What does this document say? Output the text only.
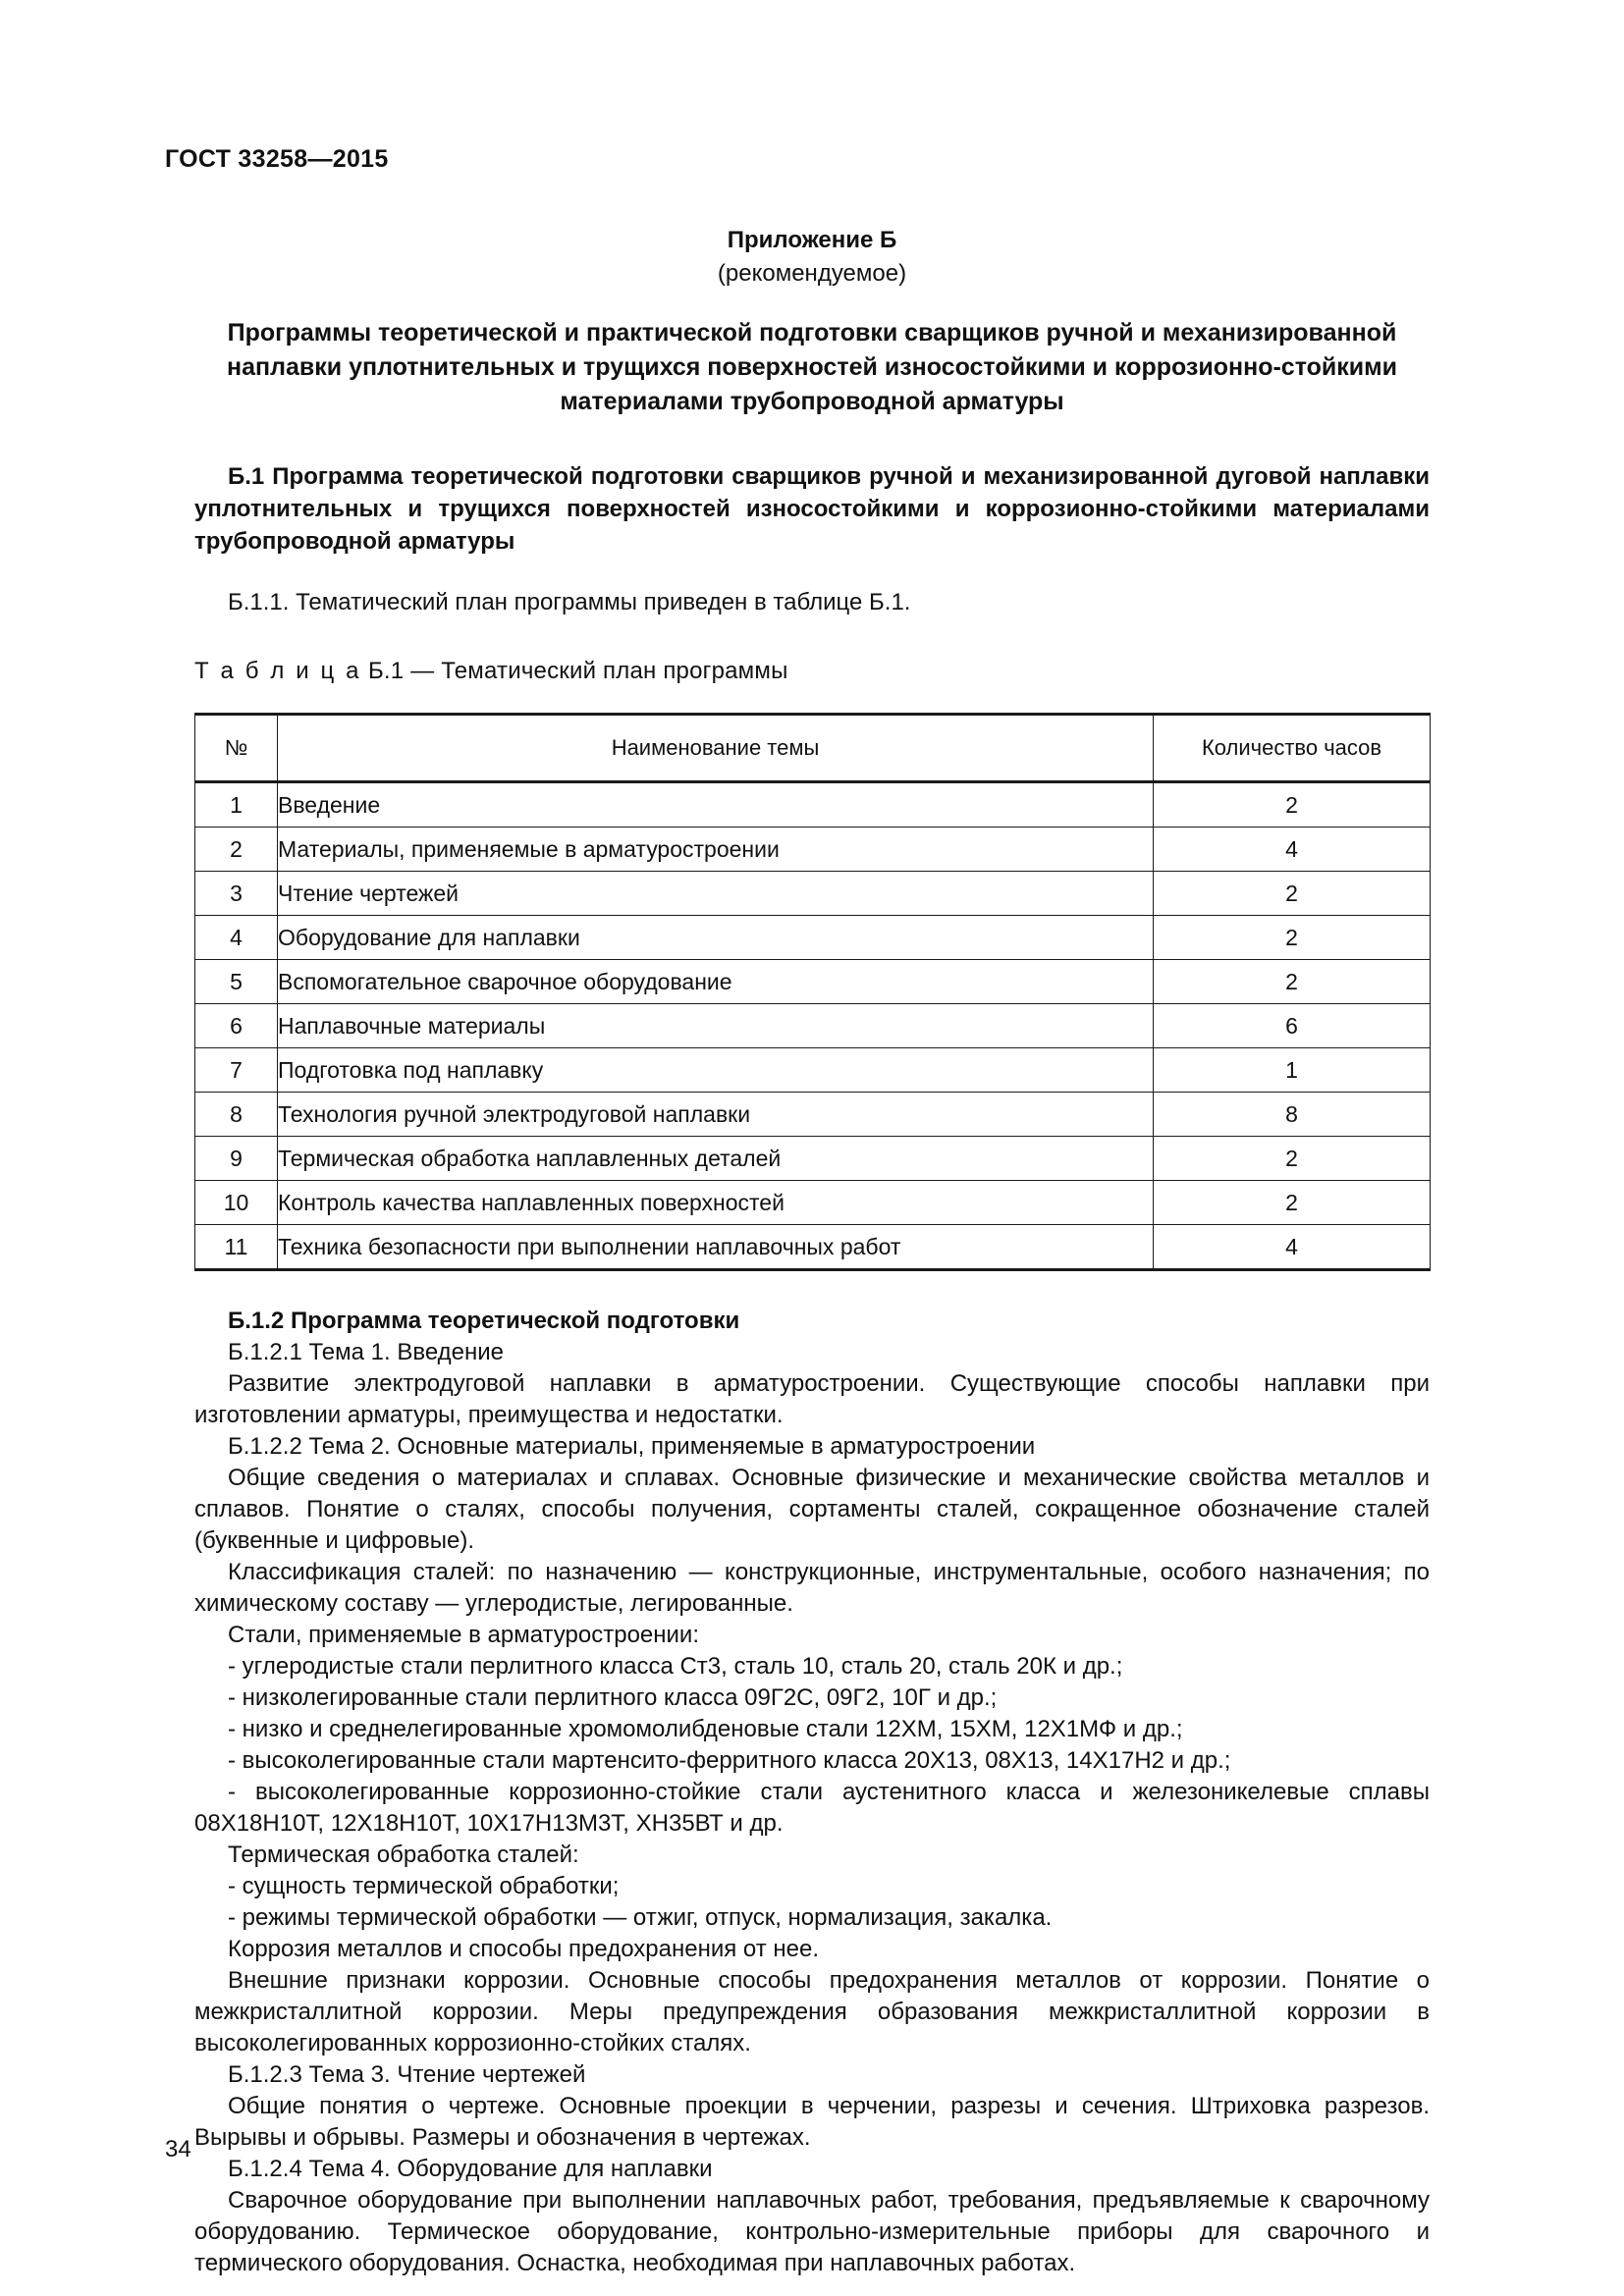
ГОСТ 33258—2015
Приложение Б
(рекомендуемое)
Программы теоретической и практической подготовки сварщиков ручной и механизированной наплавки уплотнительных и трущихся поверхностей износостойкими и коррозионно-стойкими материалами трубопроводной арматуры
Б.1 Программа теоретической подготовки сварщиков ручной и механизированной дуговой наплавки уплотнительных и трущихся поверхностей износостойкими и коррозионно-стойкими материалами трубопроводной арматуры
Б.1.1. Тематический план программы приведен в таблице Б.1.
Т а б л и ц а Б.1 — Тематический план программы
№	Наименование темы	Количество часов
1	Введение	2
2	Материалы, применяемые в арматуростроении	4
3	Чтение чертежей	2
4	Оборудование для наплавки	2
5	Вспомогательное сварочное оборудование	2
6	Наплавочные материалы	6
7	Подготовка под наплавку	1
8	Технология ручной электродуговой наплавки	8
9	Термическая обработка наплавленных деталей	2
10	Контроль качества наплавленных поверхностей	2
11	Техника безопасности при выполнении наплавочных работ	4
Б.1.2 Программа теоретической подготовки
Б.1.2.1 Тема 1. Введение
Развитие электродуговой наплавки в арматуростроении. Существующие способы наплавки при изготовлении арматуры, преимущества и недостатки.
Б.1.2.2 Тема 2. Основные материалы, применяемые в арматуростроении
Общие сведения о материалах и сплавах. Основные физические и механические свойства металлов и сплавов. Понятие о сталях, способы получения, сортаменты сталей, сокращенное обозначение сталей (буквенные и цифровые).
Классификация сталей: по назначению — конструкционные, инструментальные, особого назначения; по химическому составу — углеродистые, легированные.
Стали, применяемые в арматуростроении:
- углеродистые стали перлитного класса Ст3, сталь 10, сталь 20, сталь 20К и др.;
- низколегированные стали перлитного класса 09Г2С, 09Г2, 10Г и др.;
- низко и среднелегированные хромомолибденовые стали 12ХМ, 15ХМ, 12Х1МФ и др.;
- высоколегированные стали мартенсито-ферритного класса 20Х13, 08Х13, 14Х17Н2 и др.;
- высоколегированные коррозионно-стойкие стали аустенитного класса и железоникелевые сплавы 08Х18Н10Т, 12Х18Н10Т, 10Х17Н13М3Т, ХН35ВТ и др.
Термическая обработка сталей:
- сущность термической обработки;
- режимы термической обработки — отжиг, отпуск, нормализация, закалка.
Коррозия металлов и способы предохранения от нее.
Внешние признаки коррозии. Основные способы предохранения металлов от коррозии. Понятие о межкристаллитной коррозии. Меры предупреждения образования межкристаллитной коррозии в высоколегированных коррозионно-стойких сталях.
Б.1.2.3 Тема 3. Чтение чертежей
Общие понятия о чертеже. Основные проекции в черчении, разрезы и сечения. Штриховка разрезов. Вырывы и обрывы. Размеры и обозначения в чертежах.
Б.1.2.4 Тема 4. Оборудование для наплавки
Сварочное оборудование при выполнении наплавочных работ, требования, предъявляемые к сварочному оборудованию. Термическое оборудование, контрольно-измерительные приборы для сварочного и термического оборудования. Оснастка, необходимая при наплавочных работах.
34
